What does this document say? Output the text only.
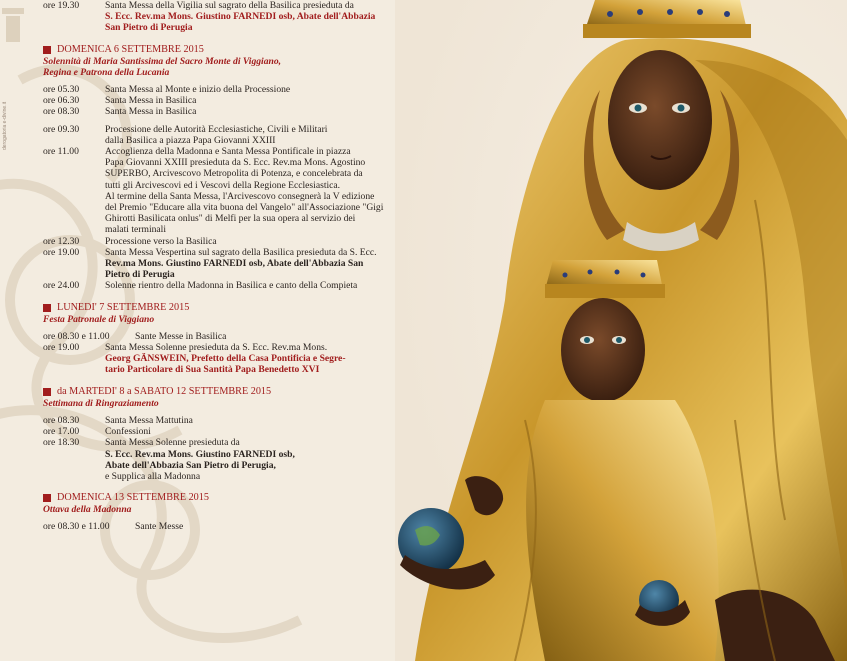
derogatoria e-divine.it
ore 19.30	Santa Messa della Vigilia sul sagrato della Basilica presieduta da
S. Ecc. Rev.ma Mons. Giustino FARNEDI osb, Abate dell'Abbazia
San Pietro di Perugia
DOMENICA 6 SETTEMBRE 2015
Solennità di Maria Santissima del Sacro Monte di Viggiano,
Regina e Patrona della Lucania
ore 05.30	Santa Messa al Monte e inizio della Processione
ore 06.30	Santa Messa in Basilica
ore 08.30	Santa Messa in Basilica
ore 09.30	Processione delle Autorità Ecclesiastiche, Civili e Militari
dalla Basilica a piazza Papa Giovanni XXIII
ore 11.00	Accoglienza della Madonna e Santa Messa Pontificale in piazza
Papa Giovanni XXIII presieduta da S. Ecc. Rev.ma Mons. Agostino
SUPERBO, Arcivescovo Metropolita di Potenza, e concelebrata da
tutti gli Arcivescovi ed i Vescovi della Regione Ecclesiastica.
Al termine della Santa Messa, l'Arcivescovo consegnerà la V edizione
del Premio "Educare alla vita buona del Vangelo" all'Associazione "Gigi
Ghirotti Basilicata onlus" di Melfi per la sua opera al servizio dei
malati terminali
ore 12.30	Processione verso la Basilica
ore 19.00	Santa Messa Vespertina sul sagrato della Basilica presieduta da S. Ecc.
Rev.ma Mons. Giustino FARNEDI osb, Abate dell'Abbazia San
Pietro di Perugia
ore 24.00	Solenne rientro della Madonna in Basilica e canto della Compieta
LUNEDI' 7 SETTEMBRE 2015
Festa Patronale di Viggiano
ore 08.30 e 11.00	Sante Messe in Basilica
ore 19.00	Santa Messa Solenne presieduta da S. Ecc. Rev.ma Mons.
Georg GÄNSWEIN, Prefetto della Casa Pontificia e Segre-
tario Particolare di Sua Santità Papa Benedetto XVI
da MARTEDI' 8 a SABATO 12 SETTEMBRE 2015
Settimana di Ringraziamento
ore 08.30	Santa Messa Mattutina
ore 17.00	Confessioni
ore 18.30	Santa Messa Solenne presieduta da
S. Ecc. Rev.ma Mons. Giustino FARNEDI osb,
Abate dell'Abbazia San Pietro di Perugia,
e Supplica alla Madonna
DOMENICA 13 SETTEMBRE 2015
Ottava della Madonna
ore 08.30 e 11.00	Sante Messe
